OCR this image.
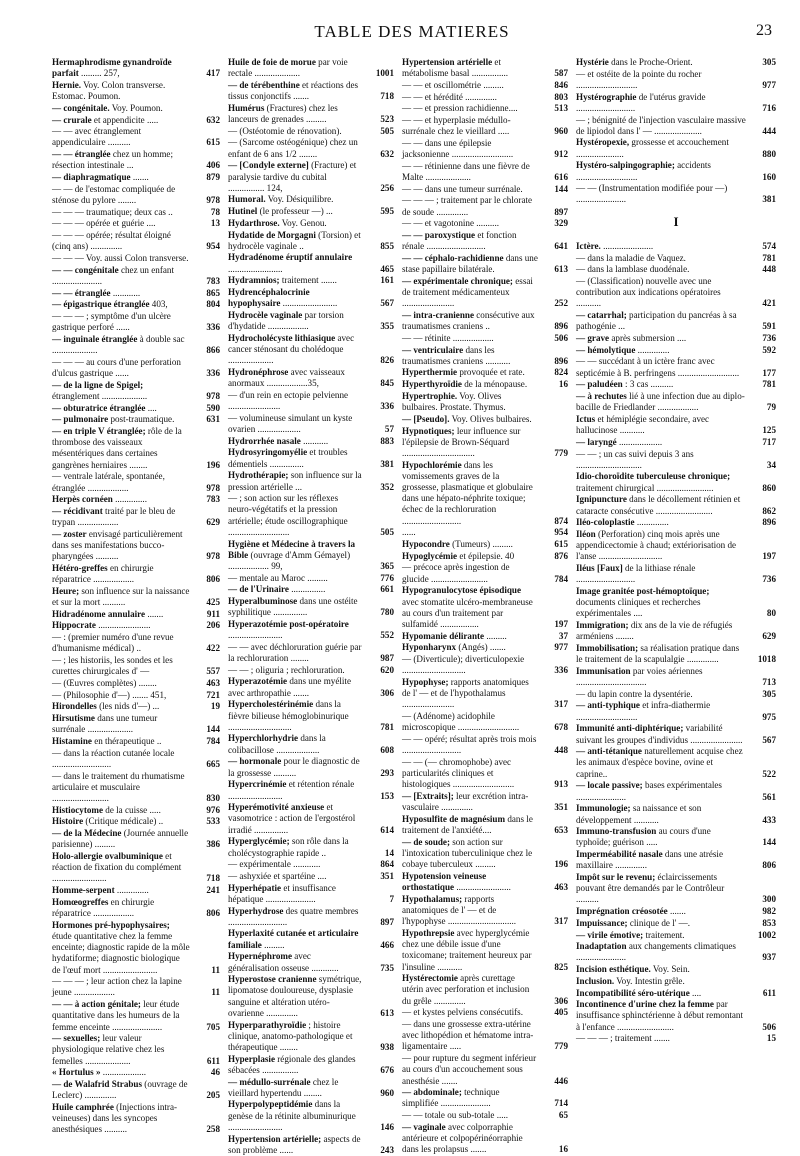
TABLE DES MATIERES	23
Hermaphrodisme gynandroïde parfait ......... 257,	417
Hernie. Voy. Colon transverse. Estomac. Poumon.
— congénitale. Voy. Poumon.
— crurale et appendicite .....	632
— — avec étranglement appendiculaire ..........	615
— — étranglée chez un homme; résection intestinale ...	406
— diaphragmatique .......	879
— — de l'estomac compliquée de sténose du pylore ........	978
— — — traumatique; deux cas ..	78
— — — opérée et guérie ....	13
— — — opérée; résultat éloigné (cinq ans) ..............	954
— — — Voy. aussi Colon transverse.
— — congénitale chez un enfant ......................	783
— — étranglée ............	865
— épigastrique étranglée 403,	804
— — — ; symptôme d'un ulcère gastrique perforé ......	336
— inguinale étranglée à double sac ....................	866
— — — au cours d'une perforation d'ulcus gastrique ......	336
— de la ligne de Spigel; étranglement ....................	978
— obturatrice étranglée ....	590
— pulmonaire post-traumatique.	631
— en triple V étranglée; rôle de la thrombose des vaisseaux mésentériques dans certaines gangrènes herniaires ........	196
— ventrale latérale, spontanée, étranglée ..................	978
Herpès cornéen ..............	783
— récidivant traité par le bleu de trypan ..................	629
— zoster envisagé particulièrement dans ses manifestations bucco-pharyngées ..........	978
Hétéro-greffes en chirurgie réparatrice ..................	806
Heure; son influence sur la naissance et sur la mort ..........	425
Hidradénome annulaire .......	911
Hippocrate .......................	206
— : (premier numéro d'une revue d'humanisme médical) ..	422
— ; les historiis, les sondes et les curettes chirurgicales d' —	557
— (Œuvres complètes) ........	463
— (Philosophie d'—) ....... 451,	721
Hirondelles (les nids d'—) ...	19
Hirsutisme dans une tumeur surrénale ....................	144
Histamine en thérapeutique ..	784
— dans la réaction cutanée locale ..........................	665
— dans le traitement du rhumatisme articulaire et musculaire .........................	830
Histiocytome de la cuisse .....	976
Histoire (Critique médicale) ..	533
— de la Médecine (Journée annuelle parisienne) .........	386
Holo-allergie ovalbuminique et réaction de fixation du complément ........................	718
Homme-serpent ..............	241
Homœogreffes en chirurgie réparatrice ..................	806
Hormones pré-hypophysaires; étude quantitative chez la femme enceinte; diagnostic rapide de la môle hydatiforme; diagnostic biologique de l'œuf mort ........................	11
— — — ; leur action chez la lapine jeune ..................	11
— — à action génitale; leur étude quantitative dans les humeurs de la femme enceinte ......................	705
— sexuelles; leur valeur physiologique relative chez les femelles ....................	611
« Hortulus » ...................	46
— de Walafrid Strabus (ouvrage de Leclerc) ..............	205
Huile camphrée (Injections intra-veineuses) dans les syncopes anesthésiques ..........	258
Huile de foie de morue par voie rectale ....................	1001
— de térébenthine et réactions des tissus conjonctifs .......	718
Humérus (Fractures) chez les lanceurs de grenades .........	523
— (Ostéotomie de rénovation).	505
— (Sarcome ostéogénique) chez un enfant de 6 ans 1/2 ........	632
— [Condyle externe] (Fracture) et paralysie tardive du cubital ................ 124,	256
Humoral. Voy. Désiquilibre.
Hutinel (le professeur —) ...	595
Hydarthrose. Voy. Genou.
Hydatide de Morgagni (Torsion) et hydrocèle vaginale ..	855
Hydradénome éruptif annulaire ........................	465
Hydramnios; traitement .......	161
Hydrencéphalocrinie hypophysaire ........................	567
Hydrocèle vaginale par torsion d'hydatide ..................	355
Hydrocholécyste lithiasique avec cancer sténosant du cholédoque ....................	826
Hydronéphrose avec vaisseaux anormaux ..................35,	845
— d'un rein en ectopie pelvienne .......................	336
— volumineuse simulant un kyste ovarien ...................	57
Hydrorrhée nasale ...........	883
Hydrosyringomyélie et troubles démentiels ...............	381
Hydrothérapie; son influence sur la pression artérielle ...	352
— ; son action sur les réflexes neuro-végétatifs et la pression artérielle; étude oscillographique ...........................	505
Hygiène et Médecine à travers la Bible (ouvrage d'Amm Gémayel) .................. 99,	365
— mentale au Maroc .........	776
— de l'Urinaire ...............	661
Hyperalbuminose dans une ostéite syphilitique ...............	780
Hyperazotémie post-opératoire ........................	552
— — avec déchloruration guérie par la rechloruration ........	987
— — ; oliguria ; rechloruration.	620
Hyperazotémie dans une myélite avec arthropathie .......	306
Hypercholestérinémie dans la fièvre bilieuse hémoglobinurique ............................	781
Hyperchlorhydrie dans la colibacillose ...................	608
— hormonale pour le diagnostic de la grossesse ..........	293
Hypercrinémie et rétention rénale ........................	153
Hyperémotivité anxieuse et vasomotrice : action de l'ergostérol irradié ...............	614
Hyperglycémie; son rôle dans la cholécystographie rapide ..	14
— expérimentale ............	864
— ashyxiée et spartéine ....	351
Hyperhépatie et insuffisance hépatique ......................	7
Hyperhydrose des quatre membres ..........................	897
Hyperlaxité cutanée et articulaire familiale .........	466
Hypernéphrome avec généralisation osseuse ............	735
Hyperostose cranienne symétrique, lipomatose douloureuse, dysplasie sanguine et altération utéro-ovarienne ..............	613
Hyperparathyroïdie ; histoire clinique, anatomo-pathologique et thérapeutique ........	938
Hyperplasie régionale des glandes sébacées ................	676
— médullo-surrénale chez le vieillard hypertendu ........	960
Hyperpolypeptidémie dans la genèse de la rétinite albuminurique ........................	146
Hypertension artérielle; aspects de son problème ......	243
Hypertension artérielle et métabolisme basal ................	587
— — et oscillométrie .........	846
— — et hérédité ..............	803
— — et pression rachidienne....	513
— — et hyperplasie médullo-surrénale chez le vieillard .....	960
— — dans une épilepsie jacksonienne ...........................	912
— — rétinienne dans une fièvre de Malte ....................	616
— — dans une tumeur surrénale.	144
— — — ; traitement par le chlorate de soude ..............	897
— — et vagotonine ..........	329
— — paroxystique et fonction rénale ..........................	641
— — céphalo-rachidienne dans une stase papillaire bilatérale.	613
— expérimentale chronique; essai de traitement médicamenteux .......................	252
— intra-cranienne consécutive aux traumatismes craniens ..	896
— — rétinite ..................	506
— ventriculaire dans les traumatismes craniens ...........	896
Hyperthermie provoquée et rate.	824
Hyperthyroïdie de la ménopause.	16
Hypertrophie. Voy. Olives bulbaires. Prostate. Thymus.
— [Pseudo]. Voy. Olives bulbaires.
Hypnotiques; leur influence sur l'épilepsie de Brown-Séquard ................................	779
Hypochlorémie dans les vomissements graves de la grossesse, plasmatique et globulaire dans une hépato-néphrite toxique; échec de la rechloruration ..........................	874
......	954
Hypocondre (Tumeurs) .........	615
Hypoglycémie et épilepsie. 40	876
— précoce après ingestion de glucide .........................	784
Hypogranulocytose épisodique avec stomatite ulcéro-membraneuse au cours d'un traitement par sulfamidé .................	197
Hypomanie délirante .........	37
Hyponharynx (Angés) .......	977
— (Diverticule); diverticulopexie ............................	336
Hypophyse; rapports anatomiques de l' — et de l'hypothalamus .......................	317
— (Adénome) acidophile microscopique ...........................	678
— — opéré; résultat après trois mois ..........................	448
— — (— chromophobe) avec particularités cliniques et histologiques ...........................	913
— [Extraits]; leur excrétion intra-vasculaire ..............	351
Hyposulfite de magnésium dans le traitement de l'anxiété....	653
— de soude; son action sur l'intoxication tuberculinique chez le cobaye tuberculeux .........	196
Hypotension veineuse orthostatique ........................	463
Hypothalamus; rapports anatomiques de l' — et de l'hypophyse ..............................	317
Hypothrepsie avec hyperglycémie chez une débile issue d'une toxicomane; traitement heureux par l'insuline ...........	825
Hystérectomie après curettage utérin avec perforation et inclusion du grêle ..............	306
— et kystes pelviens consécutifs.	405
— dans une grossesse extra-utérine avec lithopédion et hématome intra-ligamentaire .....	779
— pour rupture du segment inférieur au cours d'un accouchement sous anesthésie .......	446
— abdominale; technique simplifiée ......................	714
— — totale ou sub-totale .....	65
— vaginale avec colporraphie antérieure et colpopérinéorraphie dans les prolapsus .......	16
Hystérie dans le Proche-Orient.	305
— et ostéite de la pointe du rocher ...........................	977
Hystérographie de l'utérus gravide ..........................	716
— ; bénignité de l'injection vasculaire massive de lipiodol dans l' — .....................	444
Hystéropexie, grossesse et accouchement .....................	880
Hystéro-salpingographie; accidents ...........................	160
— — (Instrumentation modifiée pour —) ......................	381
I
Ictère. ......................	574
— dans la maladie de Vaquez.	781
— dans la lamblase duodénale.	448
— (Classification) nouvelle avec une contribution aux indications opératoires ...........	421
— catarrhal; participation du pancréas à sa pathogénie ...	591
— grave après submersion ....	736
— hémolytique ..............	592
— — succédant à un ictère franc avec septicémie à B. perfringens ...........................	177
— paludéen : 3 cas ..........	781
— à rechutes lié à une infection due au diplo-bacille de Friedlander ..................	79
Ictus et hémiplégie secondaire, avec hallucinose ...........	125
— laryngé ...................	717
— — ; un cas suivi depuis 3 ans .............................	34
Idio-choroïdite tuberculeuse chronique; traitement chirurgical .........................	860
Ignipuncture dans le décollement rétinien et cataracte consécutive .........................	862
Iléo-coloplastie ..............	896
Iléon (Perforation) cinq mois après une appendicectomie à chaud; extériorisation de l'anse ............................	197
Iléus [Faux] de la lithiase rénale ..........................	736
Image granitée post-hémoptoïque; documents cliniques et recherches expérimentales ....	80
Immigration; dix ans de la vie de réfugiés arméniens ........	629
Immobilisation; sa réalisation pratique dans le traitement de la scapulalgie ..............	1018
Immunisation par voies aériennes ...............................	713
— du lapin contre la dysentérie.	305
— anti-typhique et infra-diathermie ...........................	975
Immunité anti-diphtérique; variabilité suivant les groupes d'individus ....................... 567
— anti-tétanique naturellement acquise chez les animaux d'espèce bovine, ovine et caprine..	522
— locale passive; bases expérimentales ......................	561
Immunologie; sa naissance et son développement ...........	433
Immuno-transfusion au cours d'une typhoïde; guérison .....	144
Imperméabilité nasale dans une atrésie maxillaire ..............	806
Impôt sur le revenu; éclaircissements pouvant être demandés par le Contrôleur ..........	300
Imprégnation créosotée .......	982
Impuissance; clinique de l' —.	853
— virile émotive; traitement.	1002
Inadaptation aux changements climatiques ......................	937
Incision esthétique. Voy. Sein.
Inclusion. Voy. Intestin grêle.
Incompatibilité séro-utérique ....	611
Incontinence d'urine chez la femme par insuffisance sphinctérienne à début remontant à l'enfance .........................	506
— — — ; traitement .......	15
